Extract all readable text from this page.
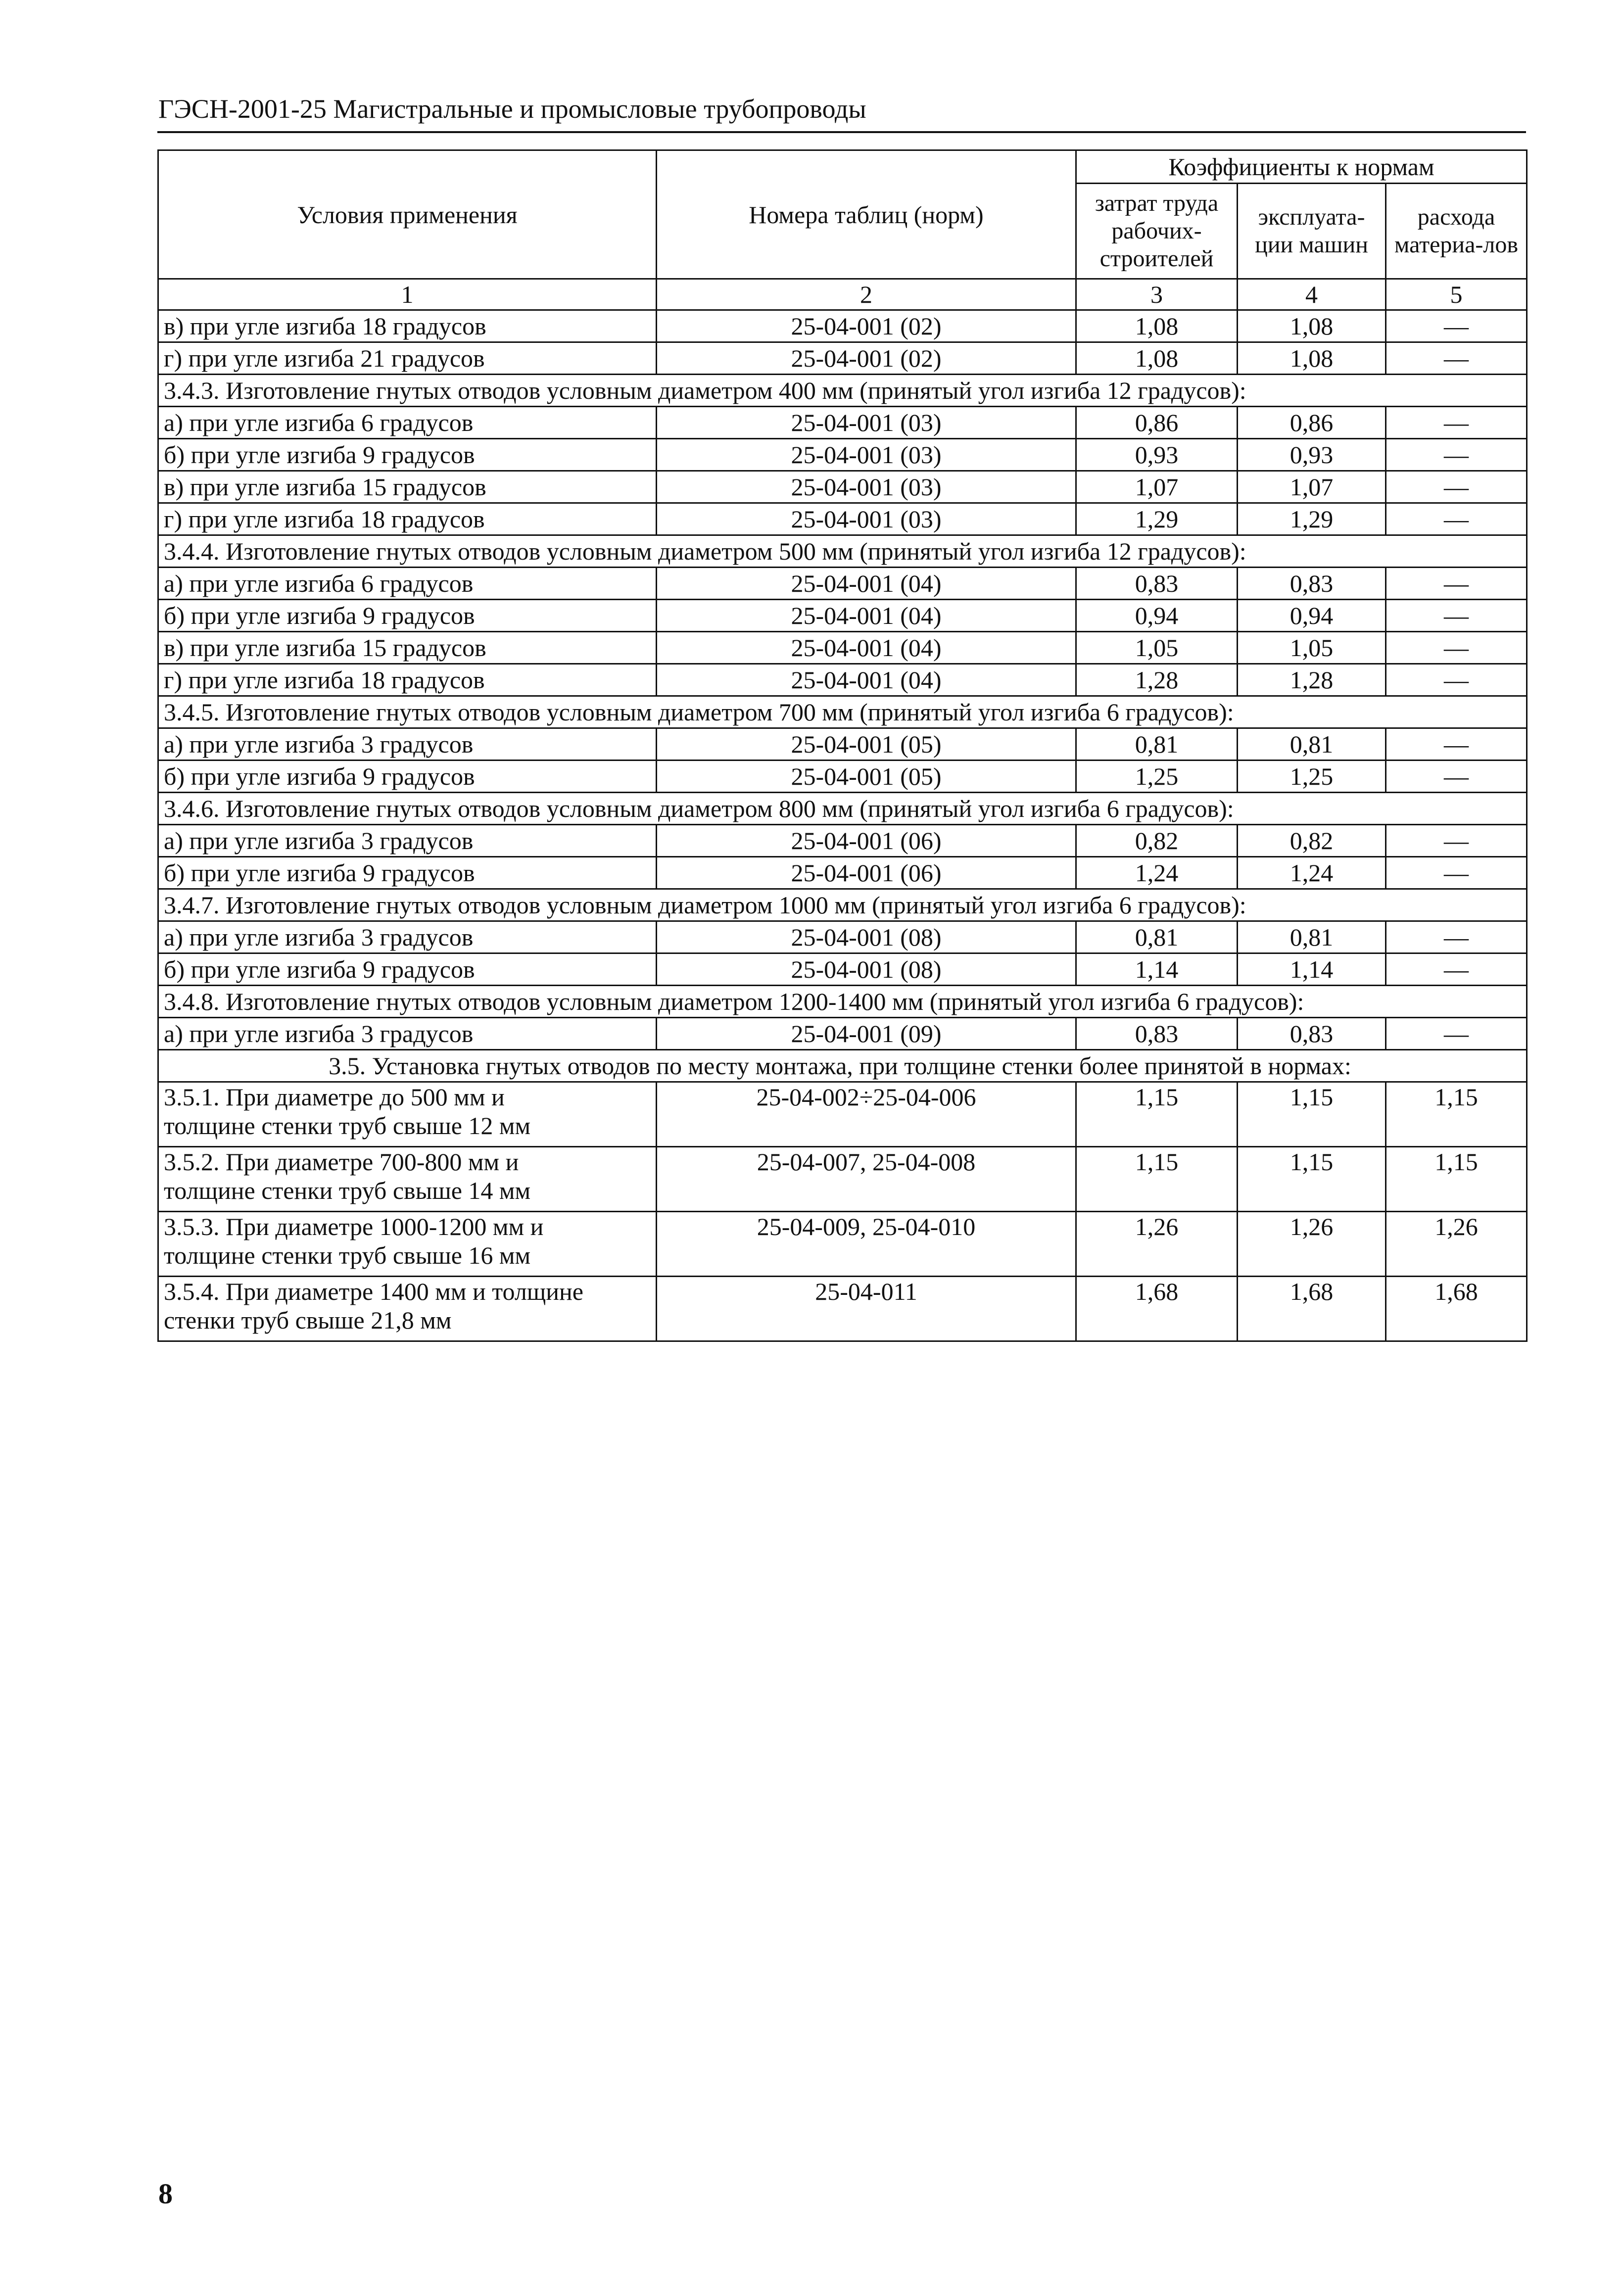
ГЭСН-2001-25 Магистральные и промысловые трубопроводы
Условия применения	Номера таблиц (норм)	Коэффициенты к нормам		
		затрат труда рабочих-строителей	эксплуата-ции машин	расхода материа-лов
1	2	3	4	5
в) при угле изгиба 18 градусов	25-04-001 (02)	1,08	1,08	—
г) при угле изгиба 21 градусов	25-04-001 (02)	1,08	1,08	—
3.4.3. Изготовление гнутых отводов условным диаметром 400 мм (принятый угол изгиба 12 градусов):				
а) при угле изгиба 6 градусов	25-04-001 (03)	0,86	0,86	—
б) при угле изгиба 9 градусов	25-04-001 (03)	0,93	0,93	—
в) при угле изгиба 15 градусов	25-04-001 (03)	1,07	1,07	—
г) при угле изгиба 18 градусов	25-04-001 (03)	1,29	1,29	—
3.4.4. Изготовление гнутых отводов условным диаметром 500 мм (принятый угол изгиба 12 градусов):				
а) при угле изгиба 6 градусов	25-04-001 (04)	0,83	0,83	—
б) при угле изгиба 9 градусов	25-04-001 (04)	0,94	0,94	—
в) при угле изгиба 15 градусов	25-04-001 (04)	1,05	1,05	—
г) при угле изгиба 18 градусов	25-04-001 (04)	1,28	1,28	—
3.4.5. Изготовление гнутых отводов условным диаметром 700 мм (принятый угол изгиба 6 градусов):				
а) при угле изгиба 3 градусов	25-04-001 (05)	0,81	0,81	—
б) при угле изгиба 9 градусов	25-04-001 (05)	1,25	1,25	—
3.4.6. Изготовление гнутых отводов условным диаметром 800 мм (принятый угол изгиба 6 градусов):				
а) при угле изгиба 3 градусов	25-04-001 (06)	0,82	0,82	—
б) при угле изгиба 9 градусов	25-04-001 (06)	1,24	1,24	—
3.4.7. Изготовление гнутых отводов условным диаметром 1000 мм (принятый угол изгиба 6 градусов):				
а) при угле изгиба 3 градусов	25-04-001 (08)	0,81	0,81	—
б) при угле изгиба 9 градусов	25-04-001 (08)	1,14	1,14	—
3.4.8. Изготовление гнутых отводов условным диаметром 1200-1400 мм (принятый угол изгиба 6 градусов):				
а) при угле изгиба 3 градусов	25-04-001 (09)	0,83	0,83	—
3.5. Установка гнутых отводов по месту монтажа, при толщине стенки более принятой в нормах:				

3.5.1. При диаметре до 500 мм и
толщине стенки труб свыше 12 мм	25-04-002÷25-04-006	1,15	1,15	1,15

3.5.2. При диаметре 700-800 мм и
толщине стенки труб свыше 14 мм	25-04-007, 25-04-008	1,15	1,15	1,15

3.5.3. При диаметре 1000-1200 мм и
толщине стенки труб свыше 16 мм	25-04-009, 25-04-010	1,26	1,26	1,26

3.5.4. При диаметре 1400 мм и толщине
стенки труб свыше 21,8 мм	25-04-011	1,68	1,68	1,68
8
